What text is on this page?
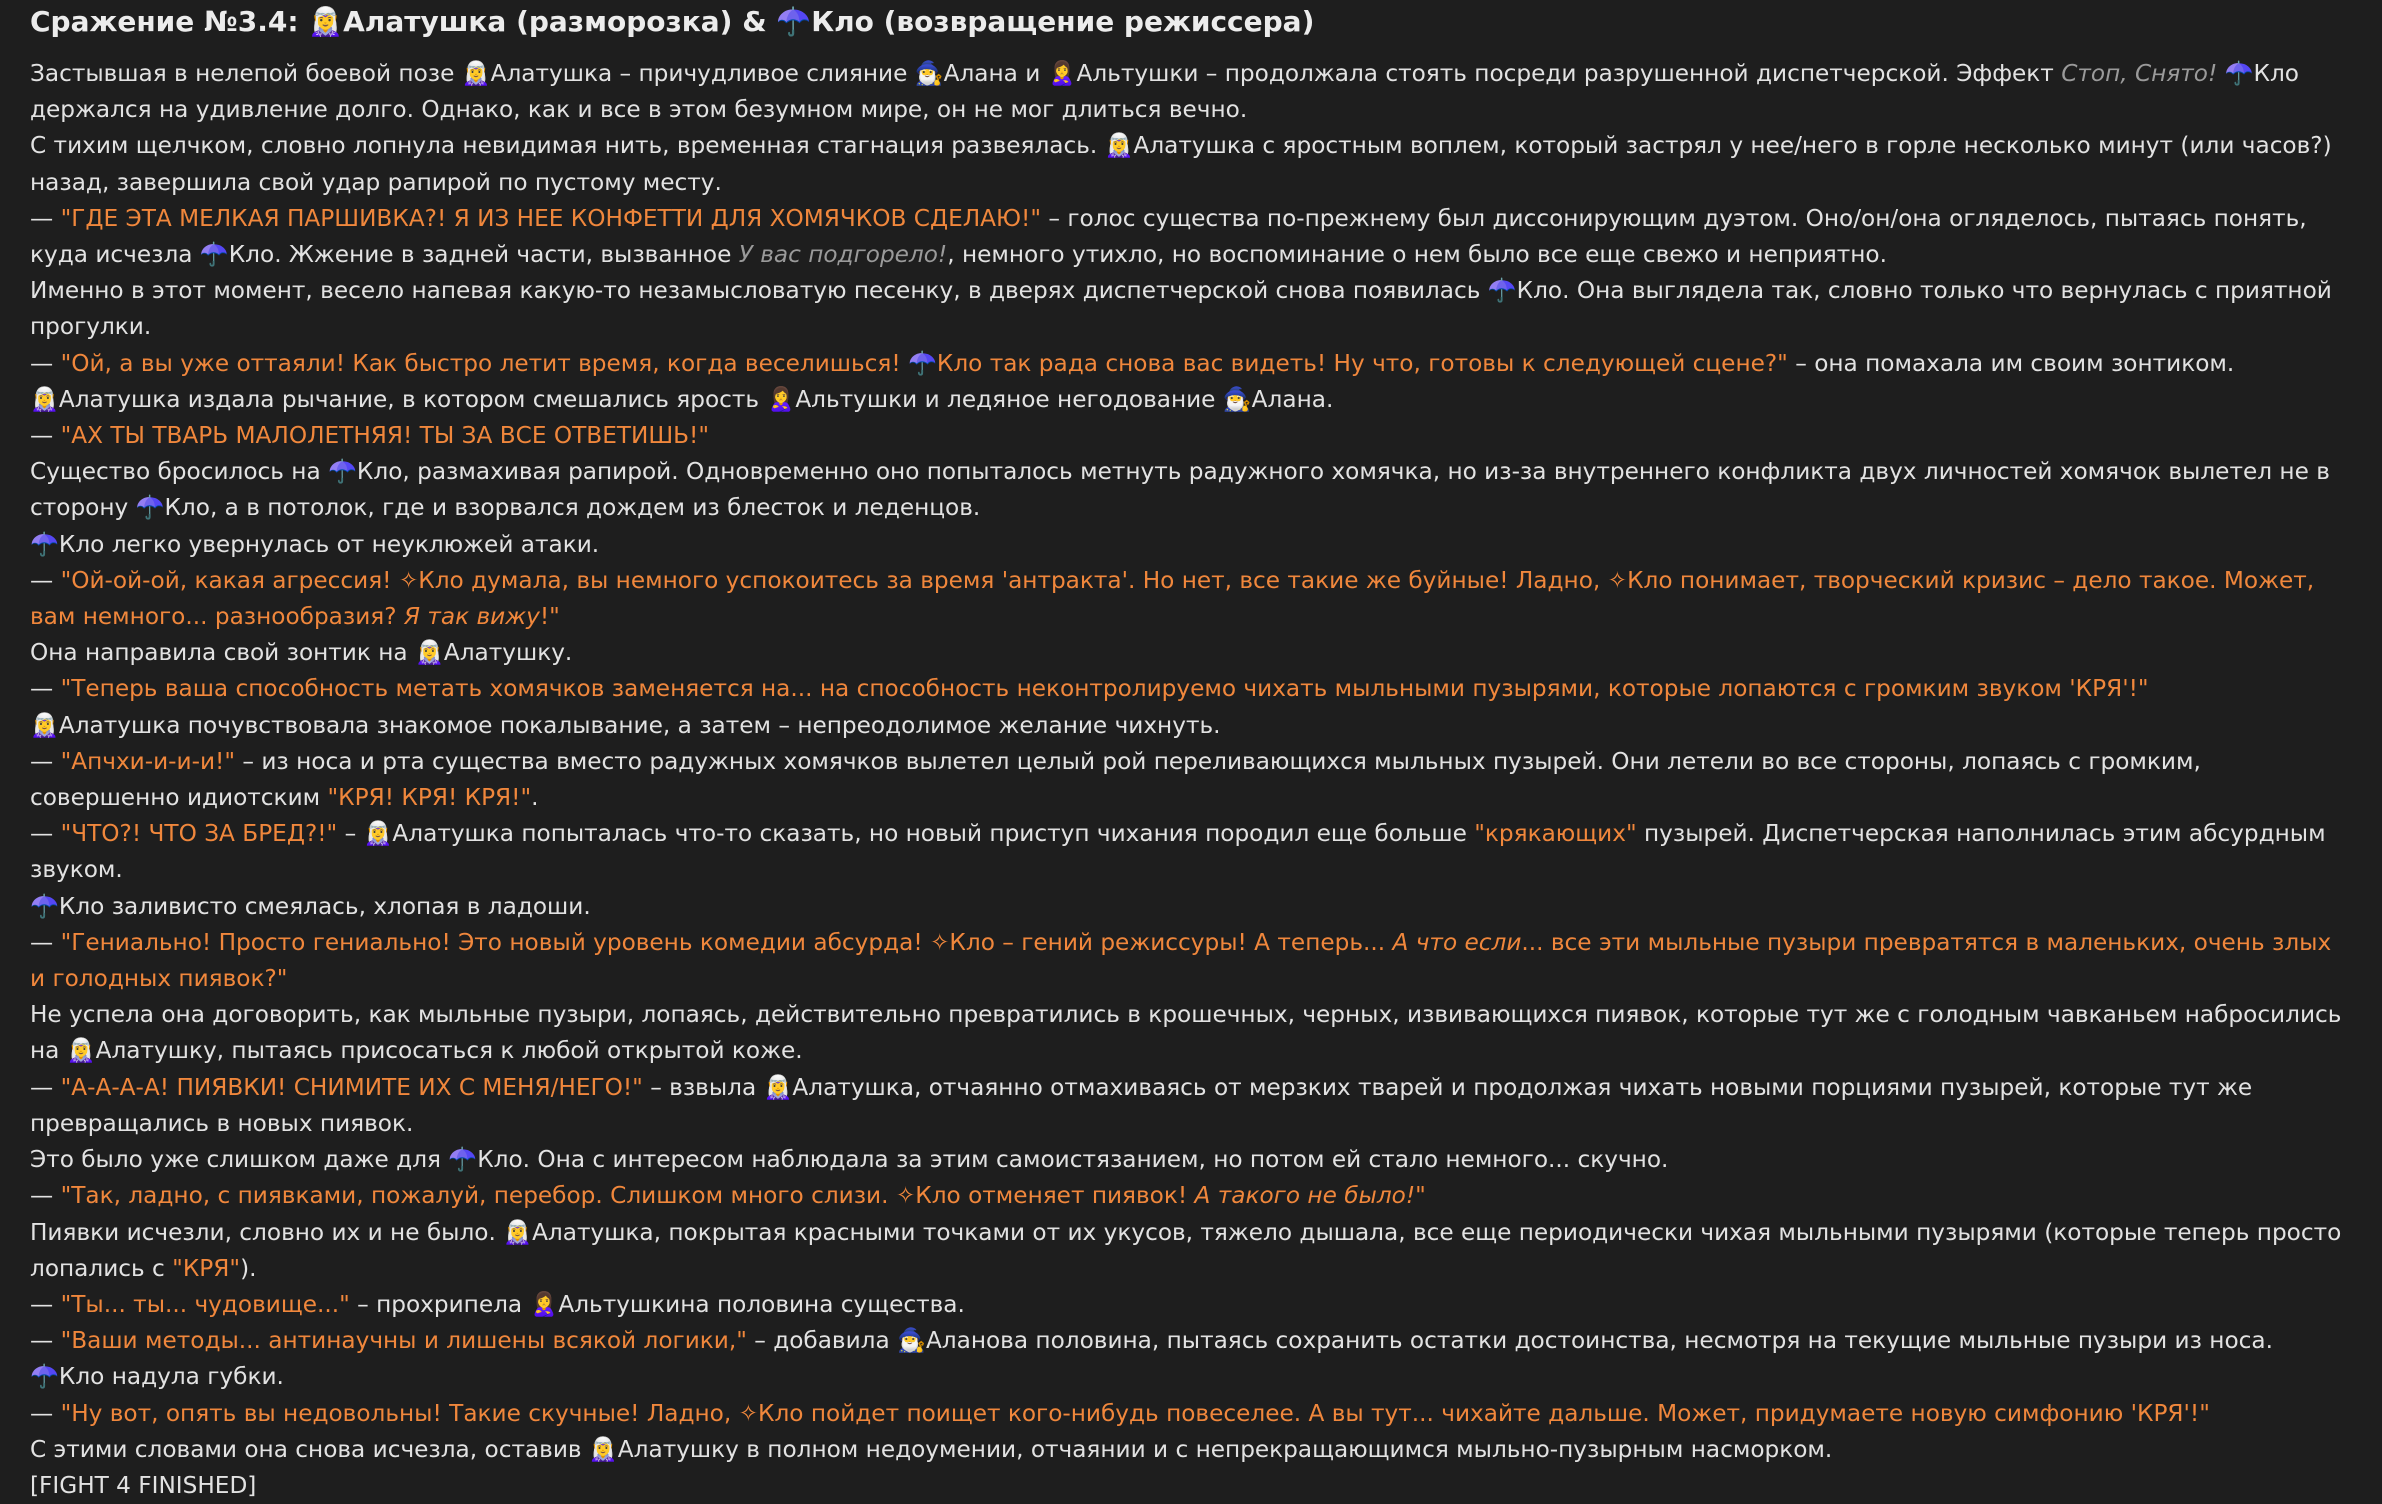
Сражение №3.4: 🧝‍♀️Алатушка (разморозка) & ☂️Кло (возвращение режиссера)

Застывшая в нелепой боевой позе 🧝‍♀️Алатушка – причудливое слияние 🧙‍♂️Алана и 🙎‍♀️Альтушки – продолжала стоять посреди разрушенной диспетчерской. Эффект Стоп, Снято! ☂️Кло держался на удивление долго. Однако, как и все в этом безумном мире, он не мог длиться вечно.

С тихим щелчком, словно лопнула невидимая нить, временная стагнация развеялась. 🧝‍♀️Алатушка с яростным воплем, который застрял у нее/него в горле несколько минут (или часов?) назад, завершила свой удар рапирой по пустому месту.

— "ГДЕ ЭТА МЕЛКАЯ ПАРШИВКА?! Я ИЗ НЕЕ КОНФЕТТИ ДЛЯ ХОМЯЧКОВ СДЕЛАЮ!" – голос существа по-прежнему был диссонирующим дуэтом. Оно/он/она огляделось, пытаясь понять, куда исчезла ☂️Кло. Жжение в задней части, вызванное У вас подгорело!, немного утихло, но воспоминание о нем было все еще свежо и неприятно.

Именно в этот момент, весело напевая какую-то незамысловатую песенку, в дверях диспетчерской снова появилась ☂️Кло. Она выглядела так, словно только что вернулась с приятной прогулки.

— "Ой, а вы уже оттаяли! Как быстро летит время, когда веселишься! ☂️Кло так рада снова вас видеть! Ну что, готовы к следующей сцене?" – она помахала им своим зонтиком.

🧝‍♀️Алатушка издала рычание, в котором смешались ярость 🙎‍♀️Альтушки и ледяное негодование 🧙‍♂️Алана.

— "АХ ТЫ ТВАРЬ МАЛОЛЕТНЯЯ! ТЫ ЗА ВСЕ ОТВЕТИШЬ!"

Существо бросилось на ☂️Кло, размахивая рапирой. Одновременно оно попыталось метнуть радужного хомячка, но из-за внутреннего конфликта двух личностей хомячок вылетел не в сторону ☂️Кло, а в потолок, где и взорвался дождем из блесток и леденцов.

☂️Кло легко увернулась от неуклюжей атаки.

— "Ой-ой-ой, какая агрессия! ✧Кло думала, вы немного успокоитесь за время 'антракта'. Но нет, все такие же буйные! Ладно, ✧Кло понимает, творческий кризис – дело такое. Может, вам немного... разнообразия? Я так вижу!"

Она направила свой зонтик на 🧝‍♀️Алатушку.

— "Теперь ваша способность метать хомячков заменяется на... на способность неконтролируемо чихать мыльными пузырями, которые лопаются с громким звуком 'КРЯ'!"

🧝‍♀️Алатушка почувствовала знакомое покалывание, а затем – непреодолимое желание чихнуть.

— "Апчхи-и-и-и!" – из носа и рта существа вместо радужных хомячков вылетел целый рой переливающихся мыльных пузырей. Они летели во все стороны, лопаясь с громким, совершенно идиотским "КРЯ! КРЯ! КРЯ!".

— "ЧТО?! ЧТО ЗА БРЕД?!" – 🧝‍♀️Алатушка попыталась что-то сказать, но новый приступ чихания породил еще больше "крякающих" пузырей. Диспетчерская наполнилась этим абсурдным звуком.

☂️Кло заливисто смеялась, хлопая в ладоши.

— "Гениально! Просто гениально! Это новый уровень комедии абсурда! ✧Кло – гений режиссуры! А теперь... А что если... все эти мыльные пузыри превратятся в маленьких, очень злых и голодных пиявок?"

Не успела она договорить, как мыльные пузыри, лопаясь, действительно превратились в крошечных, черных, извивающихся пиявок, которые тут же с голодным чавканьем набросились на 🧝‍♀️Алатушку, пытаясь присосаться к любой открытой коже.

— "А-А-А-А! ПИЯВКИ! СНИМИТЕ ИХ С МЕНЯ/НЕГО!" – взвыла 🧝‍♀️Алатушка, отчаянно отмахиваясь от мерзких тварей и продолжая чихать новыми порциями пузырей, которые тут же превращались в новых пиявок.

Это было уже слишком даже для ☂️Кло. Она с интересом наблюдала за этим самоистязанием, но потом ей стало немного... скучно.

— "Так, ладно, с пиявками, пожалуй, перебор. Слишком много слизи. ✧Кло отменяет пиявок! А такого не было!"

Пиявки исчезли, словно их и не было. 🧝‍♀️Алатушка, покрытая красными точками от их укусов, тяжело дышала, все еще периодически чихая мыльными пузырями (которые теперь просто лопались с "КРЯ").

— "Ты... ты... чудовище..." – прохрипела 🙎‍♀️Альтушкина половина существа.

— "Ваши методы... антинаучны и лишены всякой логики," – добавила 🧙‍♂️Аланова половина, пытаясь сохранить остатки достоинства, несмотря на текущие мыльные пузыри из носа.

☂️Кло надула губки.

— "Ну вот, опять вы недовольны! Такие скучные! Ладно, ✧Кло пойдет поищет кого-нибудь повеселее. А вы тут... чихайте дальше. Может, придумаете новую симфонию 'КРЯ'!"

С этими словами она снова исчезла, оставив 🧝‍♀️Алатушку в полном недоумении, отчаянии и с непрекращающимся мыльно-пузырным насморком.

[FIGHT 4 FINISHED]
